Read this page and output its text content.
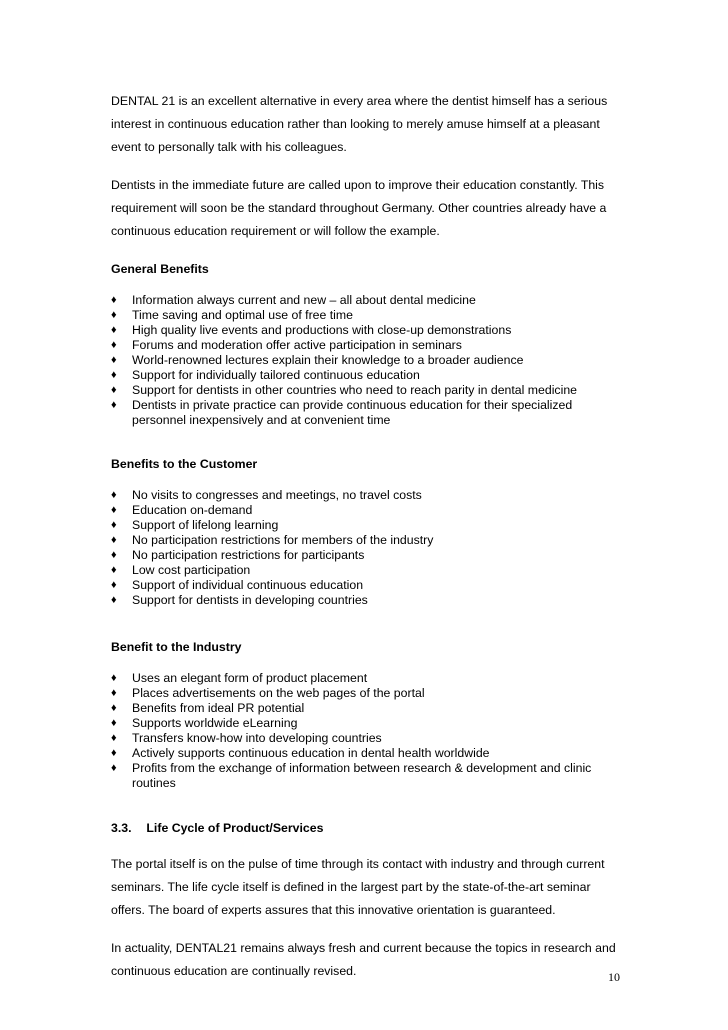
DENTAL 21 is an excellent alternative in every area where the dentist himself has a serious interest in continuous education rather than looking to merely amuse himself at a pleasant event to personally talk with his colleagues.

Dentists in the immediate future are called upon to improve their education constantly. This requirement will soon be the standard throughout Germany. Other countries already have a continuous education requirement or will follow the example.

General Benefits
♦ Information always current and new – all about dental medicine
♦ Time saving and optimal use of free time
♦ High quality live events and productions with close-up demonstrations
♦ Forums and moderation offer active participation in seminars
♦ World-renowned lectures explain their knowledge to a broader audience
♦ Support for individually tailored continuous education
♦ Support for dentists in other countries who need to reach parity in dental medicine
♦ Dentists in private practice can provide continuous education for their specialized personnel inexpensively and at convenient time
Benefits to the Customer
♦ No visits to congresses and meetings, no travel costs
♦ Education on-demand
♦ Support of lifelong learning
♦ No participation restrictions for members of the industry
♦ No participation restrictions for participants
♦ Low cost participation
♦ Support of individual continuous education
♦ Support for dentists in developing countries
Benefit to the Industry
♦ Uses an elegant form of product placement
♦ Places advertisements on the web pages of the portal
♦ Benefits from ideal PR potential
♦ Supports worldwide eLearning
♦ Transfers know-how into developing countries
♦ Actively supports continuous education in dental health worldwide
♦ Profits from the exchange of information between research & development and clinic routines
3.3. Life Cycle of Product/Services

The portal itself is on the pulse of time through its contact with industry and through current seminars. The life cycle itself is defined in the largest part by the state-of-the-art seminar offers. The board of experts assures that this innovative orientation is guaranteed.

In actuality, DENTAL21 remains always fresh and current because the topics in research and continuous education are continually revised.	10
